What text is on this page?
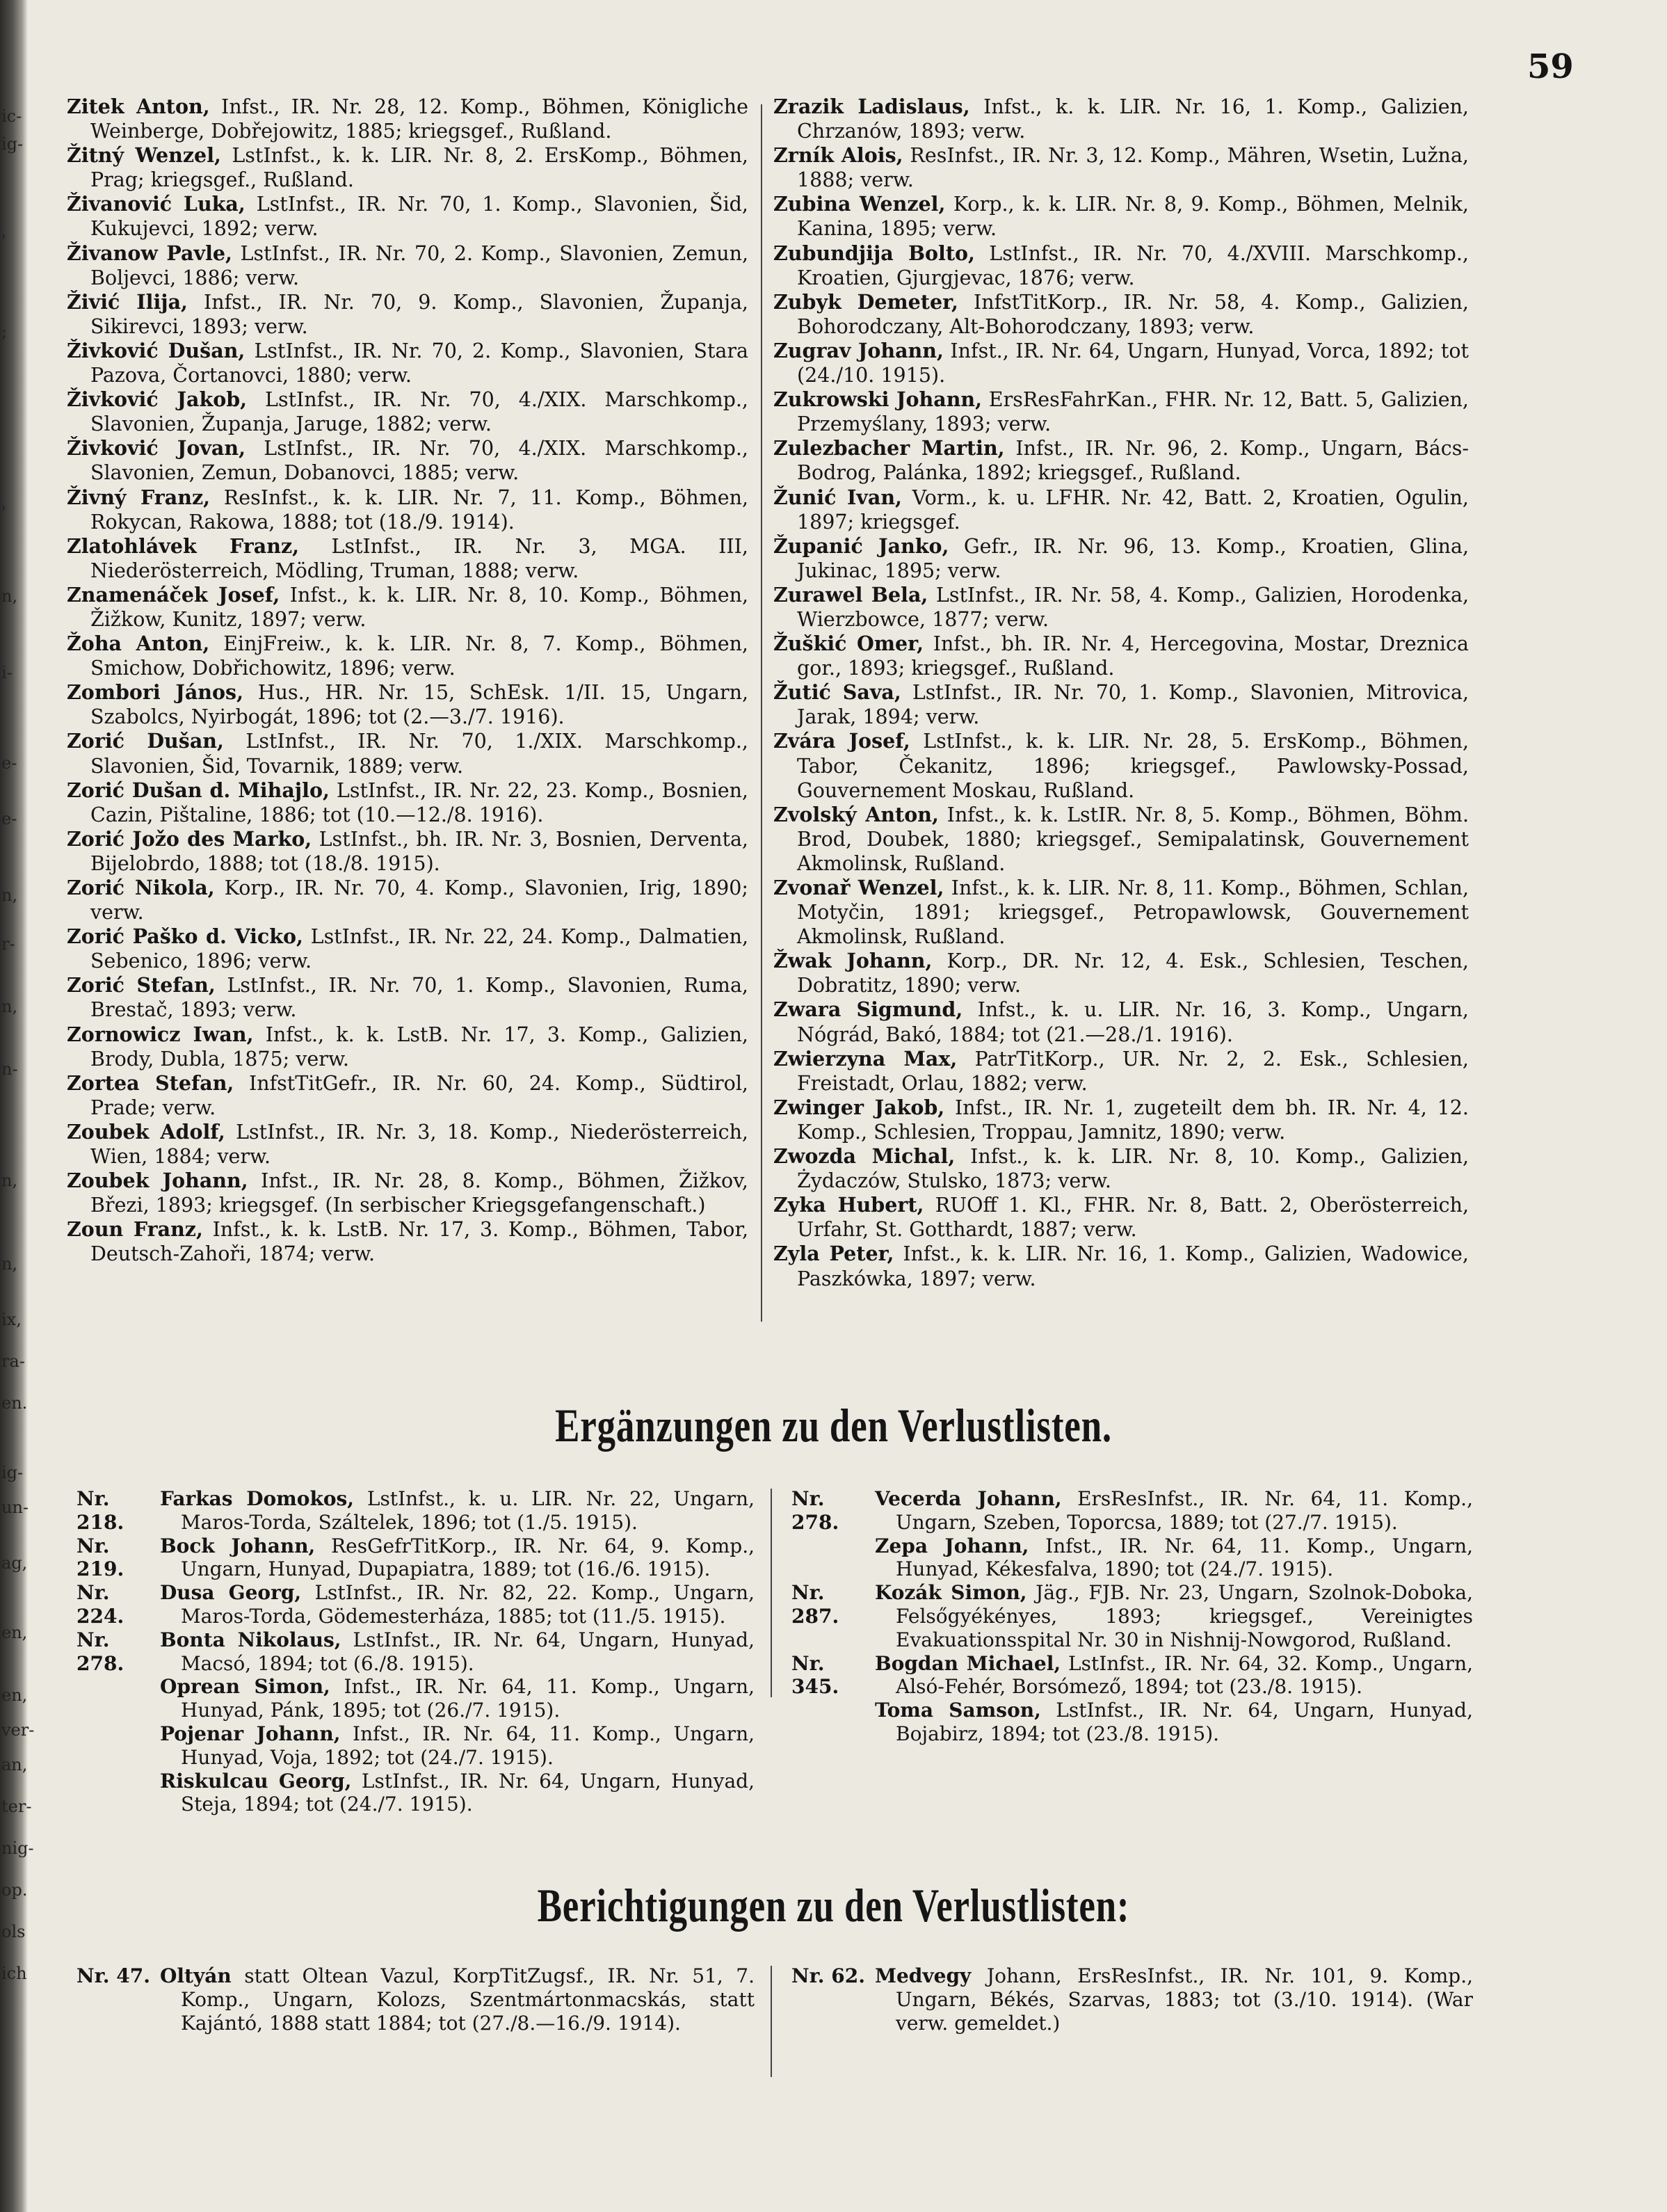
ic-
ig-
'
;
'
n,
i-
e-
e-
n,
r-
n,
n-
n,
n,
ix,
ra-
en.
ig-
un-
ag,
en,
en,
ver-
an,
ter-
nig-
op.
ols
ich
59
Zitek Anton, Infst., IR. Nr. 28, 12. Komp., Böhmen, Königliche Weinberge, Dobřejowitz, 1885; kriegsgef., Rußland.
Žitný Wenzel, LstInfst., k. k. LIR. Nr. 8, 2. ErsKomp., Böhmen, Prag; kriegsgef., Rußland.
Živanović Luka, LstInfst., IR. Nr. 70, 1. Komp., Slavonien, Šid, Kukujevci, 1892; verw.
Živanow Pavle, LstInfst., IR. Nr. 70, 2. Komp., Slavonien, Zemun, Boljevci, 1886; verw.
Živić Ilija, Infst., IR. Nr. 70, 9. Komp., Slavonien, Županja, Sikirevci, 1893; verw.
Živković Dušan, LstInfst., IR. Nr. 70, 2. Komp., Slavonien, Stara Pazova, Čortanovci, 1880; verw.
Živković Jakob, LstInfst., IR. Nr. 70, 4./XIX. Marschkomp., Slavonien, Županja, Jaruge, 1882; verw.
Živković Jovan, LstInfst., IR. Nr. 70, 4./XIX. Marschkomp., Slavonien, Zemun, Dobanovci, 1885; verw.
Živný Franz, ResInfst., k. k. LIR. Nr. 7, 11. Komp., Böhmen, Rokycan, Rakowa, 1888; tot (18./9. 1914).
Zlatohlávek Franz, LstInfst., IR. Nr. 3, MGA. III, Niederösterreich, Mödling, Truman, 1888; verw.
Znamenáček Josef, Infst., k. k. LIR. Nr. 8, 10. Komp., Böhmen, Žižkow, Kunitz, 1897; verw.
Žoha Anton, EinjFreiw., k. k. LIR. Nr. 8, 7. Komp., Böhmen, Smichow, Dobřichowitz, 1896; verw.
Zombori János, Hus., HR. Nr. 15, SchEsk. 1/II. 15, Ungarn, Szabolcs, Nyirbogát, 1896; tot (2.—3./7. 1916).
Zorić Dušan, LstInfst., IR. Nr. 70, 1./XIX. Marschkomp., Slavonien, Šid, Tovarnik, 1889; verw.
Zorić Dušan d. Mihajlo, LstInfst., IR. Nr. 22, 23. Komp., Bosnien, Cazin, Pištaline, 1886; tot (10.—12./8. 1916).
Zorić Jožo des Marko, LstInfst., bh. IR. Nr. 3, Bosnien, Derventa, Bijelobrdo, 1888; tot (18./8. 1915).
Zorić Nikola, Korp., IR. Nr. 70, 4. Komp., Slavonien, Irig, 1890; verw.
Zorić Paško d. Vicko, LstInfst., IR. Nr. 22, 24. Komp., Dalmatien, Sebenico, 1896; verw.
Zorić Stefan, LstInfst., IR. Nr. 70, 1. Komp., Slavonien, Ruma, Brestač, 1893; verw.
Zornowicz Iwan, Infst., k. k. LstB. Nr. 17, 3. Komp., Galizien, Brody, Dubla, 1875; verw.
Zortea Stefan, InfstTitGefr., IR. Nr. 60, 24. Komp., Südtirol, Prade; verw.
Zoubek Adolf, LstInfst., IR. Nr. 3, 18. Komp., Niederösterreich, Wien, 1884; verw.
Zoubek Johann, Infst., IR. Nr. 28, 8. Komp., Böhmen, Žižkov, Březi, 1893; kriegsgef. (In serbischer Kriegsgefangenschaft.)
Zoun Franz, Infst., k. k. LstB. Nr. 17, 3. Komp., Böhmen, Tabor, Deutsch-Zahoři, 1874; verw.
Zrazik Ladislaus, Infst., k. k. LIR. Nr. 16, 1. Komp., Galizien, Chrzanów, 1893; verw.
Zrník Alois, ResInfst., IR. Nr. 3, 12. Komp., Mähren, Wsetin, Lužna, 1888; verw.
Zubina Wenzel, Korp., k. k. LIR. Nr. 8, 9. Komp., Böhmen, Melnik, Kanina, 1895; verw.
Zubundjija Bolto, LstInfst., IR. Nr. 70, 4./XVIII. Marschkomp., Kroatien, Gjurgjevac, 1876; verw.
Zubyk Demeter, InfstTitKorp., IR. Nr. 58, 4. Komp., Galizien, Bohorodczany, Alt-Bohorodczany, 1893; verw.
Zugrav Johann, Infst., IR. Nr. 64, Ungarn, Hunyad, Vorca, 1892; tot (24./10. 1915).
Zukrowski Johann, ErsResFahrKan., FHR. Nr. 12, Batt. 5, Galizien, Przemyślany, 1893; verw.
Zulezbacher Martin, Infst., IR. Nr. 96, 2. Komp., Ungarn, Bács-Bodrog, Palánka, 1892; kriegsgef., Rußland.
Žunić Ivan, Vorm., k. u. LFHR. Nr. 42, Batt. 2, Kroatien, Ogulin, 1897; kriegsgef.
Županić Janko, Gefr., IR. Nr. 96, 13. Komp., Kroatien, Glina, Jukinac, 1895; verw.
Zurawel Bela, LstInfst., IR. Nr. 58, 4. Komp., Galizien, Horodenka, Wierzbowce, 1877; verw.
Žuškić Omer, Infst., bh. IR. Nr. 4, Hercegovina, Mostar, Dreznica gor., 1893; kriegsgef., Rußland.
Žutić Sava, LstInfst., IR. Nr. 70, 1. Komp., Slavonien, Mitrovica, Jarak, 1894; verw.
Zvára Josef, LstInfst., k. k. LIR. Nr. 28, 5. ErsKomp., Böhmen, Tabor, Čekanitz, 1896; kriegsgef., Pawlowsky-Possad, Gouvernement Moskau, Rußland.
Zvolský Anton, Infst., k. k. LstIR. Nr. 8, 5. Komp., Böhmen, Böhm. Brod, Doubek, 1880; kriegsgef., Semipalatinsk, Gouvernement Akmolinsk, Rußland.
Zvonař Wenzel, Infst., k. k. LIR. Nr. 8, 11. Komp., Böhmen, Schlan, Motyčin, 1891; kriegsgef., Petropawlowsk, Gouvernement Akmolinsk, Rußland.
Žwak Johann, Korp., DR. Nr. 12, 4. Esk., Schlesien, Teschen, Dobratitz, 1890; verw.
Zwara Sigmund, Infst., k. u. LIR. Nr. 16, 3. Komp., Ungarn, Nógrád, Bakó, 1884; tot (21.—28./1. 1916).
Zwierzyna Max, PatrTitKorp., UR. Nr. 2, 2. Esk., Schlesien, Freistadt, Orlau, 1882; verw.
Zwinger Jakob, Infst., IR. Nr. 1, zugeteilt dem bh. IR. Nr. 4, 12. Komp., Schlesien, Troppau, Jamnitz, 1890; verw.
Zwozda Michal, Infst., k. k. LIR. Nr. 8, 10. Komp., Galizien, Żydaczów, Stulsko, 1873; verw.
Zyka Hubert, RUOff 1. Kl., FHR. Nr. 8, Batt. 2, Oberösterreich, Urfahr, St. Gotthardt, 1887; verw.
Zyla Peter, Infst., k. k. LIR. Nr. 16, 1. Komp., Galizien, Wadowice, Paszkówka, 1897; verw.
Ergänzungen zu den Verlustlisten.
Nr. 218.
Farkas Domokos, LstInfst., k. u. LIR. Nr. 22, Ungarn, Maros-Torda, Száltelek, 1896; tot (1./5. 1915).
Nr. 219.
Bock Johann, ResGefrTitKorp., IR. Nr. 64, 9. Komp., Ungarn, Hunyad, Dupapiatra, 1889; tot (16./6. 1915).
Nr. 224.
Dusa Georg, LstInfst., IR. Nr. 82, 22. Komp., Ungarn, Maros-Torda, Gödemesterháza, 1885; tot (11./5. 1915).
Nr. 278.
Bonta Nikolaus, LstInfst., IR. Nr. 64, Ungarn, Hunyad, Macsó, 1894; tot (6./8. 1915).
Oprean Simon, Infst., IR. Nr. 64, 11. Komp., Ungarn, Hunyad, Pánk, 1895; tot (26./7. 1915).
Pojenar Johann, Infst., IR. Nr. 64, 11. Komp., Ungarn, Hunyad, Voja, 1892; tot (24./7. 1915).
Riskulcau Georg, LstInfst., IR. Nr. 64, Ungarn, Hunyad, Steja, 1894; tot (24./7. 1915).
Nr. 278.
Vecerda Johann, ErsResInfst., IR. Nr. 64, 11. Komp., Ungarn, Szeben, Toporcsa, 1889; tot (27./7. 1915).
Zepa Johann, Infst., IR. Nr. 64, 11. Komp., Ungarn, Hunyad, Kékesfalva, 1890; tot (24./7. 1915).
Nr. 287.
Kozák Simon, Jäg., FJB. Nr. 23, Ungarn, Szolnok-Doboka, Felsőgyékényes, 1893; kriegsgef., Vereinigtes Evakuationsspital Nr. 30 in Nishnij-Nowgorod, Rußland.
Nr. 345.
Bogdan Michael, LstInfst., IR. Nr. 64, 32. Komp., Ungarn, Alsó-Fehér, Borsómező, 1894; tot (23./8. 1915).
Toma Samson, LstInfst., IR. Nr. 64, Ungarn, Hunyad, Bojabirz, 1894; tot (23./8. 1915).
Berichtigungen zu den Verlustlisten:
Nr. 47. Oltyán statt Oltean Vazul, KorpTitZugsf., IR. Nr. 51, 7. Komp., Ungarn, Kolozs, Szentmártonmacskás, statt Kajántó, 1888 statt 1884; tot (27./8.—16./9. 1914).
Nr. 62. Medvegy Johann, ErsResInfst., IR. Nr. 101, 9. Komp., Ungarn, Békés, Szarvas, 1883; tot (3./10. 1914). (War verw. gemeldet.)
